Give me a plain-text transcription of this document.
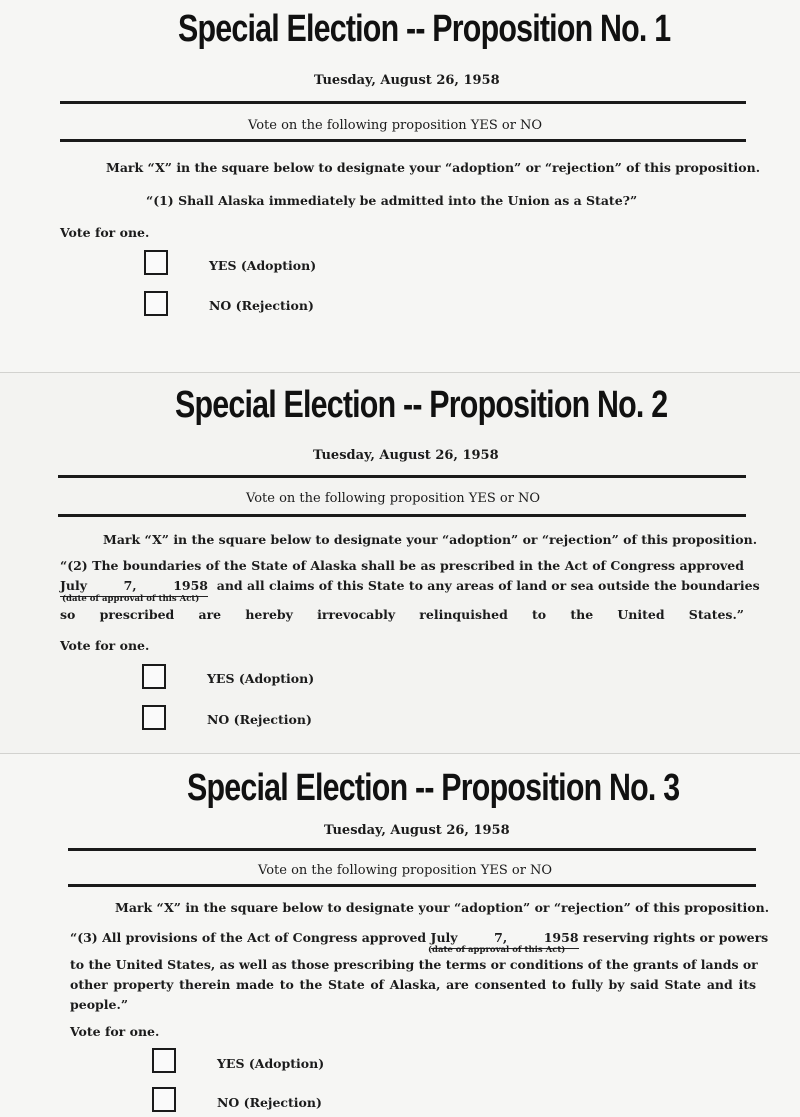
Special Election -- Proposition No. 1
Tuesday, August 26, 1958
Vote on the following proposition YES or NO
Mark “X” in the square below to designate your “adoption” or “rejection” of this proposition.
“(1) Shall Alaska immediately be admitted into the Union as a State?”
Vote for one.
YES (Adoption)
NO (Rejection)
Special Election -- Proposition No. 2
Tuesday, August 26, 1958
Vote on the following proposition YES or NO
Mark “X” in the square below to designate your “adoption” or “rejection” of this proposition.
“(2) The boundaries of the State of Alaska shall be as prescribed in the Act of Congress approved
July 7, 1958 and all claims of this State to any areas of land or sea outside the boundaries
so prescribed are hereby irrevocably relinquished to the United States.”
(date of approval of this Act)
Vote for one.
YES (Adoption)
NO (Rejection)
Special Election -- Proposition No. 3
Tuesday, August 26, 1958
Vote on the following proposition YES or NO
Mark “X” in the square below to designate your “adoption” or “rejection” of this proposition.
“(3) All provisions of the Act of Congress approved July 7, 1958 reserving rights or powers
to the United States, as well as those prescribing the terms or conditions of the grants of lands or
other property therein made to the State of Alaska, are consented to fully by said State and its
people.”
(date of approval of this Act)
Vote for one.
YES (Adoption)
NO (Rejection)
